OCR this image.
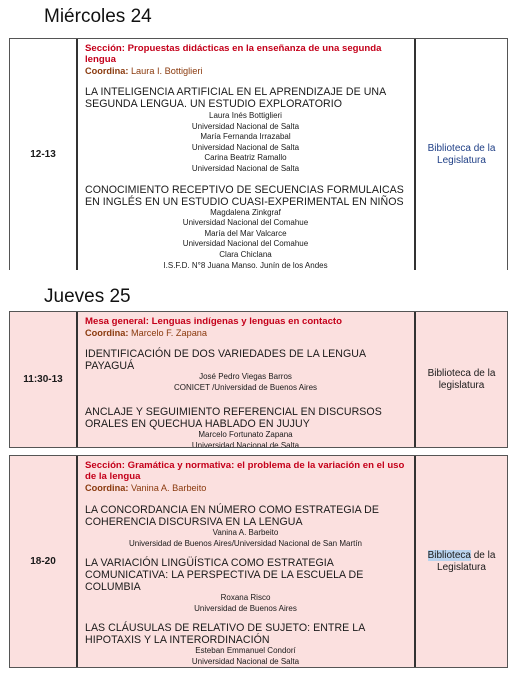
Miércoles 24
12-13
Sección: Propuestas didácticas en la enseñanza de una segunda lengua
Coordina: Laura I. Bottiglieri
LA INTELIGENCIA ARTIFICIAL EN EL APRENDIZAJE DE UNA SEGUNDA LENGUA. UN ESTUDIO EXPLORATORIO
Laura Inés Bottiglieri
Universidad Nacional de Salta
María Fernanda Irrazabal
Universidad Nacional de Salta
Carina Beatriz Ramallo
Universidad Nacional de Salta
CONOCIMIENTO RECEPTIVO DE SECUENCIAS FORMULAICAS EN INGLÉS EN UN ESTUDIO CUASI-EXPERIMENTAL EN NIÑOS
Magdalena Zinkgraf
Universidad Nacional del Comahue
María del Mar Valcarce
Universidad Nacional del Comahue
Clara Chiclana
I.S.F.D. N°8 Juana Manso. Junín de los Andes
Biblioteca de la Legislatura
Jueves 25
11:30-13
Mesa general: Lenguas indígenas y lenguas en contacto
Coordina: Marcelo F. Zapana
IDENTIFICACIÓN DE DOS VARIEDADES DE LA LENGUA PAYAGUÁ
José Pedro Viegas Barros
CONICET /Universidad de Buenos Aires
ANCLAJE Y SEGUIMIENTO REFERENCIAL EN DISCURSOS ORALES EN QUECHUA HABLADO EN JUJUY
Marcelo Fortunato Zapana
Universidad Nacional de Salta
Biblioteca de la legislatura
18-20
Sección: Gramática y normativa: el problema de la variación en el uso de la lengua
Coordina: Vanina A. Barbeito
LA CONCORDANCIA EN NÚMERO COMO ESTRATEGIA DE COHERENCIA DISCURSIVA EN LA LENGUA
Vanina A. Barbeito
Universidad de Buenos Aires/Universidad Nacional de San Martín
LA VARIACIÓN LINGÜÍSTICA COMO ESTRATEGIA COMUNICATIVA: LA PERSPECTIVA DE LA ESCUELA DE COLUMBIA
Roxana Risco
Universidad de Buenos Aires
LAS CLÁUSULAS DE RELATIVO DE SUJETO: ENTRE LA HIPOTAXIS Y LA INTERORDINACIÓN
Esteban Emmanuel Condorí
Universidad Nacional de Salta
Biblioteca de la Legislatura
